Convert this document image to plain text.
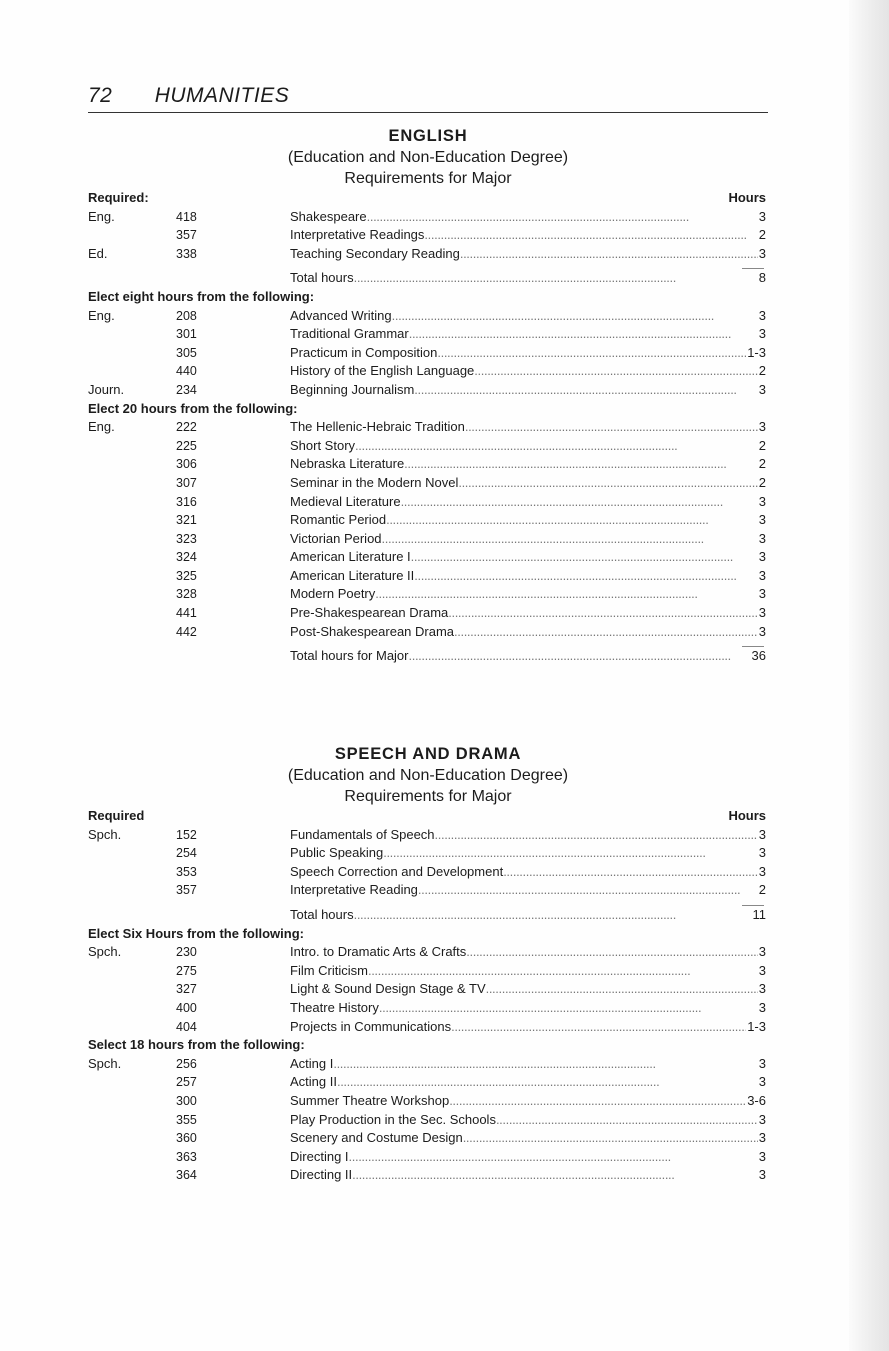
72 HUMANITIES
ENGLISH
(Education and Non-Education Degree)
Requirements for Major
Required:	Hours
Eng.	418	Shakespeare . . .	3
357	Interpretative Readings . . .	2
Ed.	338	Teaching Secondary Reading . . .	3
Total hours . . .	8
Elect eight hours from the following:
Eng.	208	Advanced Writing . . .	3
301	Traditional Grammar . . .	3
305	Practicum in Composition . . .	1-3
440	History of the English Language . . .	2
Journ.	234	Beginning Journalism . . .	3
Elect 20 hours from the following:
Eng.	222	The Hellenic-Hebraic Tradition . . .	3
225	Short Story . . .	2
306	Nebraska Literature . . .	2
307	Seminar in the Modern Novel . . .	2
316	Medieval Literature . . .	3
321	Romantic Period . . .	3
323	Victorian Period . . .	3
324	American Literature I . . .	3
325	American Literature II . . .	3
328	Modern Poetry . . .	3
441	Pre-Shakespearean Drama . . .	3
442	Post-Shakespearean Drama . . .	3
Total hours for Major . . .	36
SPEECH AND DRAMA
(Education and Non-Education Degree)
Requirements for Major
Required	Hours
Spch.	152	Fundamentals of Speech . . .	3
254	Public Speaking . . .	3
353	Speech Correction and Development . . .	3
357	Interpretative Reading . . .	2
Total hours . . .	11
Elect Six Hours from the following:
Spch.	230	Intro. to Dramatic Arts & Crafts . . .	3
275	Film Criticism . . .	3
327	Light & Sound Design Stage & TV . . .	3
400	Theatre History . . .	3
404	Projects in Communications . . .	1-3
Select 18 hours from the following:
Spch.	256	Acting I . . .	3
257	Acting II . . .	3
300	Summer Theatre Workshop . . .	3-6
355	Play Production in the Sec. Schools . . .	3
360	Scenery and Costume Design . . .	3
363	Directing I . . .	3
364	Directing II . . .	3
